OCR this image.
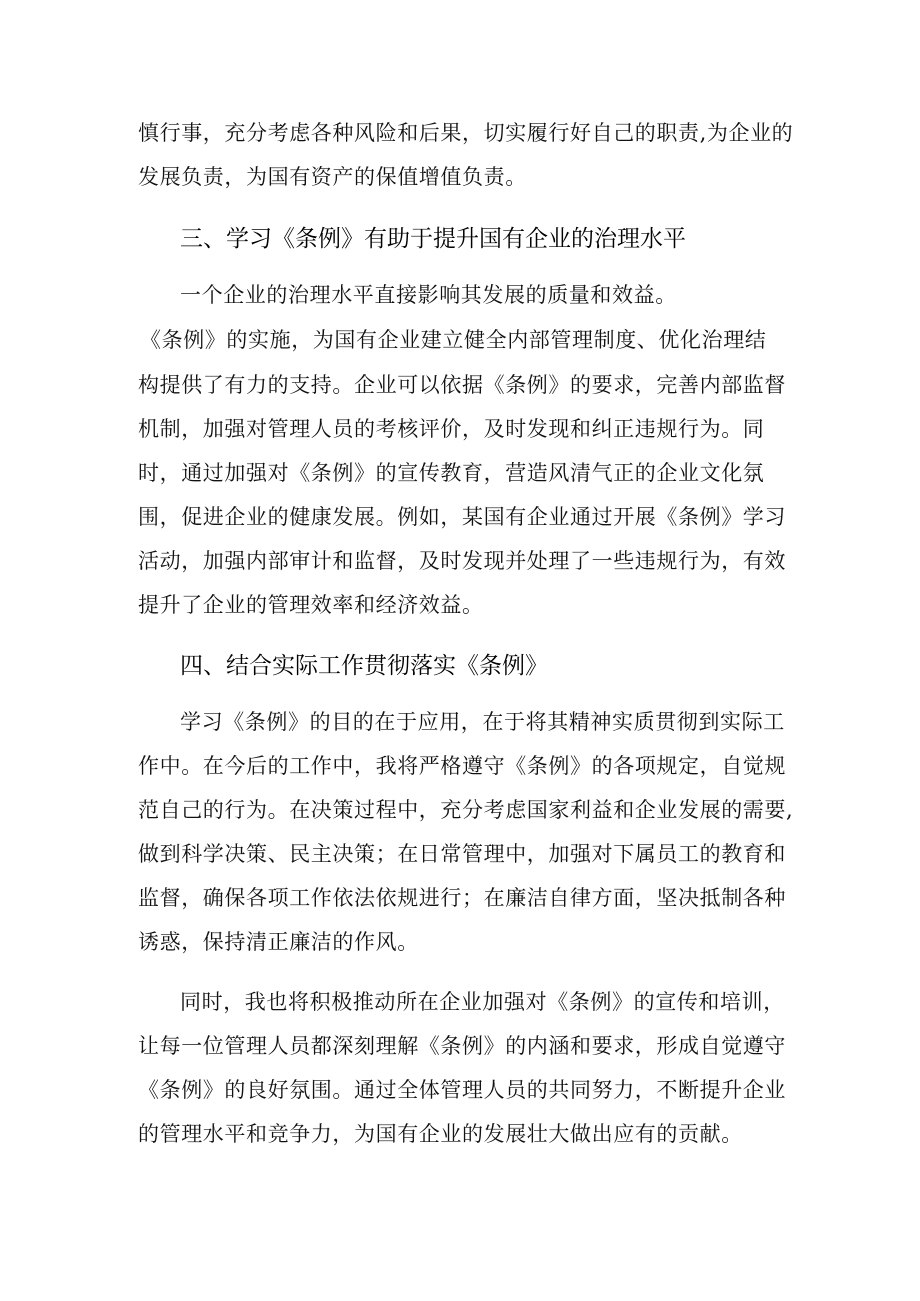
慎行事，充分考虑各种风险和后果，切实履行好自己的职责,为企业的
发展负责，为国有资产的保值增值负责。
三、学习《条例》有助于提升国有企业的治理水平
一个企业的治理水平直接影响其发展的质量和效益。
《条例》的实施，为国有企业建立健全内部管理制度、优化治理结
构提供了有力的支持。企业可以依据《条例》的要求，完善内部监督
机制，加强对管理人员的考核评价，及时发现和纠正违规行为。同
时，通过加强对《条例》的宣传教育，营造风清气正的企业文化氛
围，促进企业的健康发展。例如，某国有企业通过开展《条例》学习
活动，加强内部审计和监督，及时发现并处理了一些违规行为，有效
提升了企业的管理效率和经济效益。
四、结合实际工作贯彻落实《条例》
学习《条例》的目的在于应用，在于将其精神实质贯彻到实际工
作中。在今后的工作中，我将严格遵守《条例》的各项规定，自觉规
范自己的行为。在决策过程中，充分考虑国家利益和企业发展的需要,
做到科学决策、民主决策；在日常管理中，加强对下属员工的教育和
监督，确保各项工作依法依规进行；在廉洁自律方面，坚决抵制各种
诱惑，保持清正廉洁的作风。
同时，我也将积极推动所在企业加强对《条例》的宣传和培训，
让每一位管理人员都深刻理解《条例》的内涵和要求，形成自觉遵守
《条例》的良好氛围。通过全体管理人员的共同努力，不断提升企业
的管理水平和竞争力，为国有企业的发展壮大做出应有的贡献。
